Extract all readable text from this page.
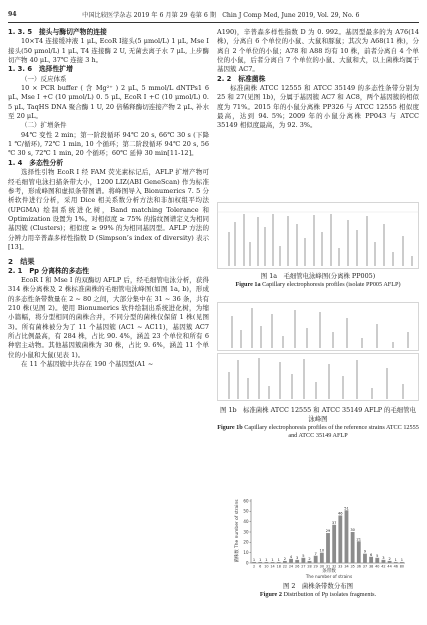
94	中国比较医学杂志 2019 年 6 月第 29 卷第 6 期　Chin J Comp Med, June 2019, Vol. 29, No. 6

1. 3. 5　接头与酶切产物的连接

10×T4 连接缓冲液 1 μL, EcoR Ⅰ接头(5 μmol/L) 1 μL, Mse Ⅰ接头(50 μmol/L) 1 μL, T4 连接酶 2 U, 无菌去离子水 7 μL, 上步酶切产物 40 μL, 37℃ 连接 3 h。

1. 3. 6　选择性扩增

（一）反应体系

10 × PCR buffer ( 含 Mg²⁺ ) 2 μL, 5 mmol/L dNTPs1 6 μL, Mse Ⅰ +C (10 μmol/L) 0. 5 μL, EcoR Ⅰ +C (10 μmol/L) 0. 5 μL, TaqHS DNA 聚合酶 1 U, 20 倍稀释酶切连接产物 2 μL, 补水至 20 μL。

（二）扩增条件

94℃ 变性 2 min；第一阶段循环 94℃ 20 s, 66℃ 30 s (下降 1 ℃/循环), 72℃ 1 min, 10 个循环；第二阶段循环 94℃ 20 s, 56 ℃ 30 s, 72℃ 1 min, 20 个循环；60℃ 延伸 30 min[11-12]。

1. 4　多态性分析

选择性引物 EcoR Ⅰ 经 FAM 荧光素标记后，AFLP 扩增产物可经毛细管电泳扫描条带大小，1200 LIZ(ABI GeneScan) 作为标准参考，形成峰图和虚拟条带图谱。将峰图导入 Bionumerics 7. 5 分析软件进行分析，采用 Dice 相关系数分析方法和非加权组平均法 (UPGMA) 绘制系统进化树，Band matching Tolerance 和 Optimization 设置为 1%。对相似度 ≥ 75% 的指纹图谱定义为相同基因簇 (Clusters)；相似度 ≥ 99% 的为相同基因型。AFLP 方法的分辨力用辛普森多样性指数 D (Simpson’s index of diversity) 表示[13]。

2　结果

2. 1　Pp 分离株的多态性

EcoR Ⅰ 和 Mse Ⅰ 的双酶切 AFLP 后，经毛细管电泳分析，获得 314 株分离株及 2 株标准菌株的毛细管电泳峰图(如图 1a, b)，形成的多态性条带数量在 2 ~ 80 之间，大部分集中在 31 ~ 36 条，共有 210 株(见图 2)。使用 Bionumerics 软件绘制出系统进化树，为缩小篇幅，将分型相同的菌株合并，不同分型的菌株仅保留 1 株(见图 3)。所有菌株被分为了 11 个基因簇 (AC1 ~ AC11)，基因簇 AC7 所占比例最高，有 284 株，占比 90. 4%，涵盖 23 个单位和所有 6 种宿主动物。其他基因簇菌株为 30 株，占比 9. 6%，涵盖 11 个单位的小鼠和大鼠(见表 1)。

在 11 个基因簇中共存在 190 个基因型(A1 ~

A190)，辛普森多样性指数 D 为 0. 992。基因型最多的为 A76(14 株)，分离自 6 个单位的小鼠、大鼠和豚鼠；其次为 A68(11 株)，分离自 2 个单位的小鼠；A78 和 A88 均有 10 株，前者分离自 4 个单位的小鼠，后者分离自 7 个单位的小鼠、大鼠和犬，以上菌株均属于基因簇 AC7。

2. 2　标准菌株

标准菌株 ATCC 12555 和 ATCC 35149 的多态性条带分别为 25 和 27(见图 1b)，分属于基因簇 AC7 和 AC8，两个基因簇的相似度为 71%。2015 年的小鼠分离株 PP326 与 ATCC 12555 相似度最高，达到 94. 5%；2009 年的小鼠分离株 PP043 与 ATCC 35149 相似度最高，为 92. 3%。

图 1a　毛细管电泳峰图(分离株 PP005)
Figure 1a Capillary electrophoresis profiles (isolate PP005 AFLP)
图 1b　标准菌株 ATCC 12555 和 ATCC 35149 AFLP 的毛细管电泳峰图
Figure 1b Capillary electrophoresis profiles of the reference strains ATCC 12555 and ATCC 35149 AFLP
1 1 1 1 1 2
4 3
5
2
7
10
29
37
46
51
30
21
9
6 5
3 2 1 1
0
10
20
30
40
50
60
2 6 10 14 18 22 24 26 27 28 29 30 31 32 33 34 35 36 37 38 40 42 44 46 80
菌株数 The number of strains
条带数
The number of strains
图 2　菌株条带数分布图
Figure 2 Distribution of Pp isolates fragments.
